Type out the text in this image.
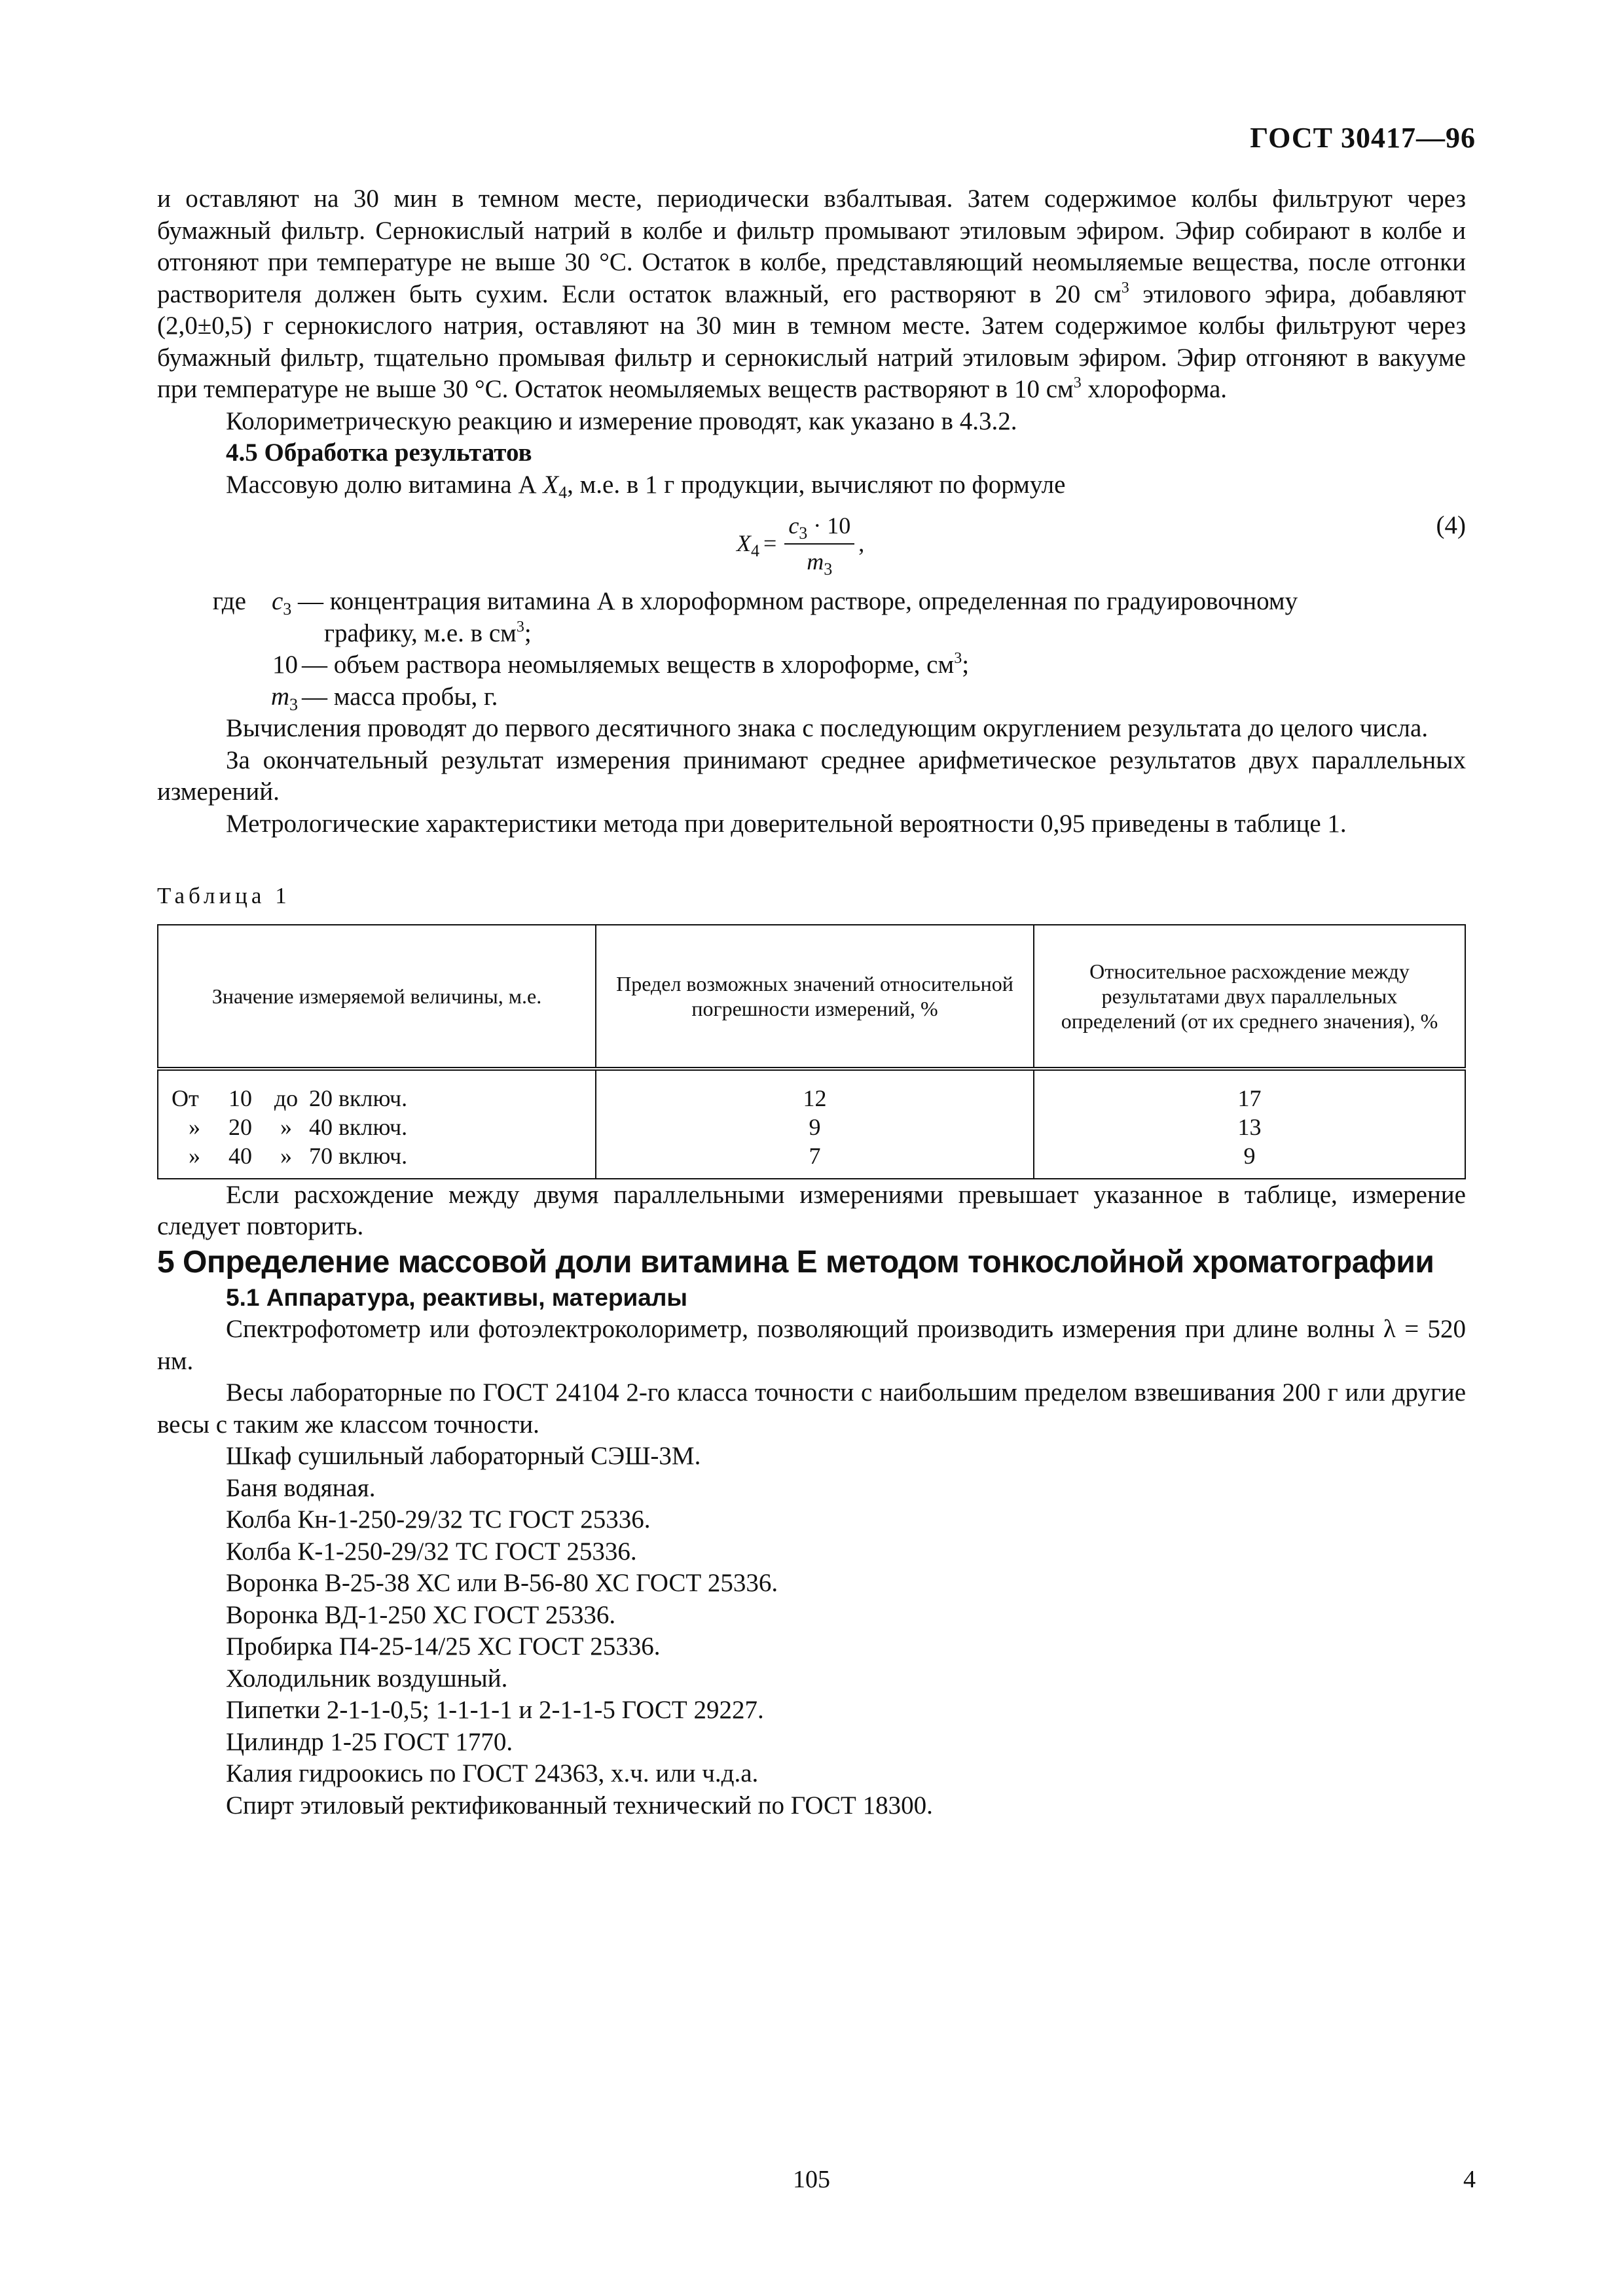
ГОСТ 30417—96

и оставляют на 30 мин в темном месте, периодически взбалтывая. Затем содержимое колбы фильтруют через бумажный фильтр. Сернокислый натрий в колбе и фильтр промывают этиловым эфиром. Эфир собирают в колбе и отгоняют при температуре не выше 30 °С. Остаток в колбе, представляющий неомыляемые вещества, после отгонки растворителя должен быть сухим. Если остаток влажный, его растворяют в 20 $см^3$ этилового эфира, добавляют (2,0±0,5) г сернокислого натрия, оставляют на 30 мин в темном месте. Затем содержимое колбы фильтруют через бумажный фильтр, тщательно промывая фильтр и сернокислый натрий этиловым эфиром. Эфир отгоняют в вакууме при температуре не выше 30 °С. Остаток неомыляемых веществ растворяют в 10 $см^3$ хлороформа.

Колориметрическую реакцию и измерение проводят, как указано в 4.3.2.

4.5 Обработка результатов

Массовую долю витамина А $X_4$, м.е. в 1 г продукции, вычисляют по формуле

$X_4 = \frac{c_3 \cdot 10}{m_3}$ ,
(4)
где $c_3$ — концентрация витамина А в хлороформном растворе, определенная по градуировочному
графику, м.е. в $см^3$;
10 — объем раствора неомыляемых веществ в хлороформе, $см^3$;
$m_3$ — масса пробы, г.

Вычисления проводят до первого десятичного знака с последующим округлением результата до целого числа.

За окончательный результат измерения принимают среднее арифметическое результатов двух параллельных измерений.

Метрологические характеристики метода при доверительной вероятности 0,95 приведены в таблице 1.

Таблица 1
Значение измеряемой величины, м.е.	Предел возможных значений относительной погрешности измерений, %	Относительное расхождение между результатами двух параллельных определений (от их среднего значения), %
От 10 до 20 включ.	12	17
» 20 » 40 включ.	9	13
» 40 » 70 включ.	7	9

Если расхождение между двумя параллельными измерениями превышает указанное в таблице, измерение следует повторить.

5 Определение массовой доли витамина Е методом тонкослойной хроматографии

5.1 Аппаратура, реактивы, материалы

Спектрофотометр или фотоэлектроколориметр, позволяющий производить измерения при длине волны λ = 520 нм.

Весы лабораторные по ГОСТ 24104 2-го класса точности с наибольшим пределом взвешивания 200 г или другие весы с таким же классом точности.

Шкаф сушильный лабораторный СЭШ-3М.

Баня водяная.

Колба Кн-1-250-29/32 ТС ГОСТ 25336.

Колба К-1-250-29/32 ТС ГОСТ 25336.

Воронка В-25-38 ХС или В-56-80 ХС ГОСТ 25336.

Воронка ВД-1-250 ХС ГОСТ 25336.

Пробирка П4-25-14/25 ХС ГОСТ 25336.

Холодильник воздушный.

Пипетки 2-1-1-0,5; 1-1-1-1 и 2-1-1-5 ГОСТ 29227.

Цилиндр 1-25 ГОСТ 1770.

Калия гидроокись по ГОСТ 24363, х.ч. или ч.д.а.

Спирт этиловый ректификованный технический по ГОСТ 18300.

105	4
